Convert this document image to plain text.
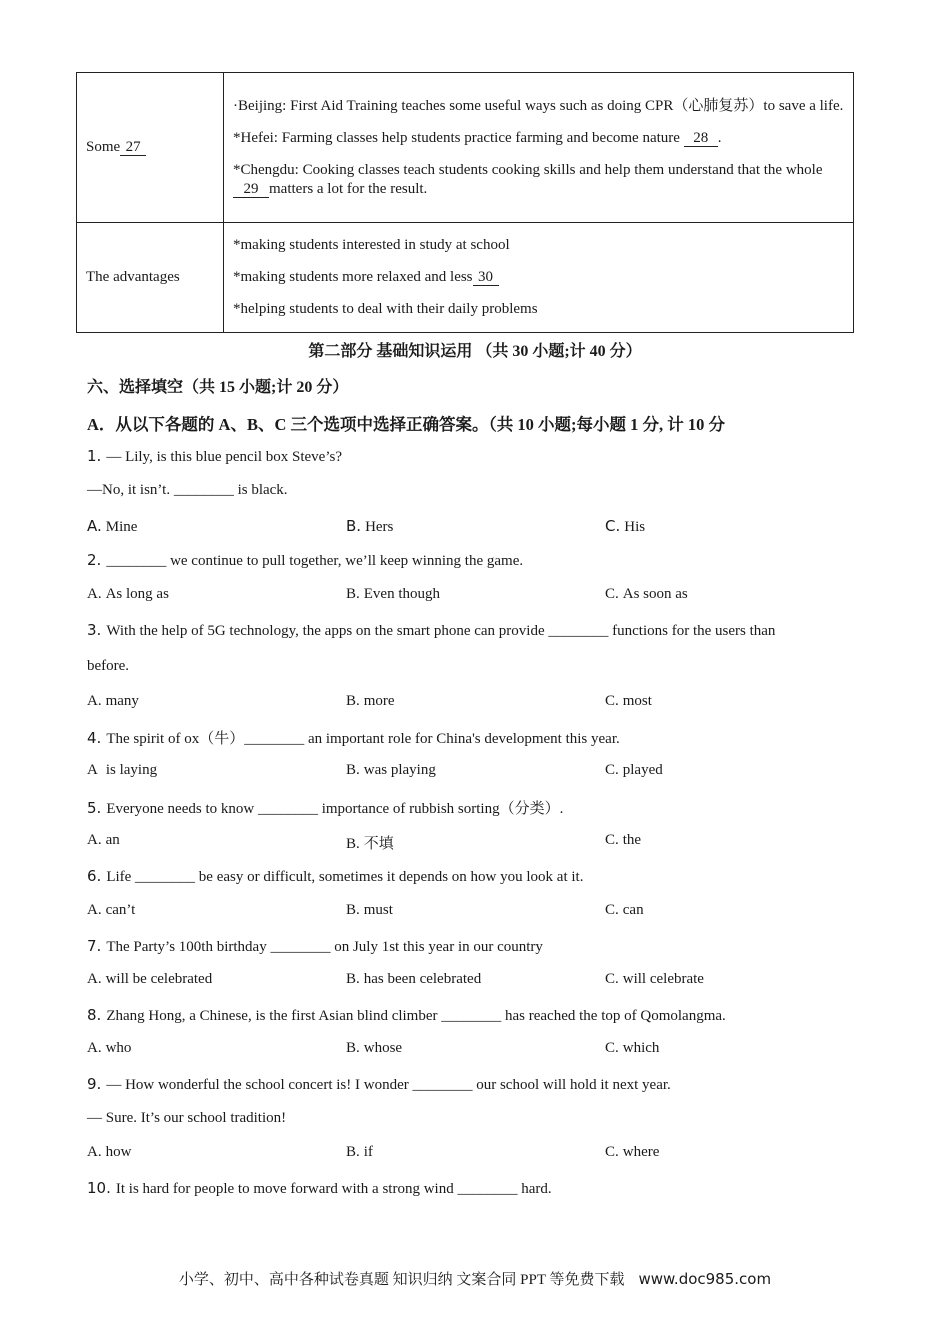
Some 27	·Beijing: First Aid Training teaches some useful ways such as doing CPR（心肺复苏）to save a life.

*Hefei: Farming classes help students practice farming and become nature 28 .

*Chengdu: Cooking classes teach students cooking skills and help them understand that the whole 29 matters a lot for the result.

The advantages	*making students interested in study at school

*making students more relaxed and less 30

*helping students to deal with their daily problems

第二部分 基础知识运用 （共 30 小题;计 40 分）
六、选择填空（共 15 小题;计 20 分）
A．从以下各题的 A、B、C 三个选项中选择正确答案。（共 10 小题;每小题 1 分, 计 10 分
1. — Lily, is this blue pencil box Steve’s?
—No, it isn’t. ________ is black.
A. Mine	B. Hers	C. His
2. ________ we continue to pull together, we’ll keep winning the game.
A. As long as	B. Even though	C. As soon as
3. With the help of 5G technology, the apps on the smart phone can provide ________ functions for the users than
before.
A. many	B. more	C. most
4. The spirit of ox（牛）________ an important role for China's development this year.
A is laying	B. was playing	C. played
5. Everyone needs to know ________ importance of rubbish sorting（分类）.
A. an	B. 不填	C. the
6. Life ________ be easy or difficult, sometimes it depends on how you look at it.
A. can’t	B. must	C. can
7. The Party’s 100th birthday ________ on July 1st this year in our country
A. will be celebrated	B. has been celebrated	C. will celebrate
8. Zhang Hong, a Chinese, is the first Asian blind climber ________ has reached the top of Qomolangma.
A. who	B. whose	C. which
9. — How wonderful the school concert is! I wonder ________ our school will hold it next year.
— Sure. It’s our school tradition!
A. how	B. if	C. where
10. It is hard for people to move forward with a strong wind ________ hard.
小学、初中、高中各种试卷真题 知识归纳 文案合同 PPT 等免费下载 www.doc985.com
